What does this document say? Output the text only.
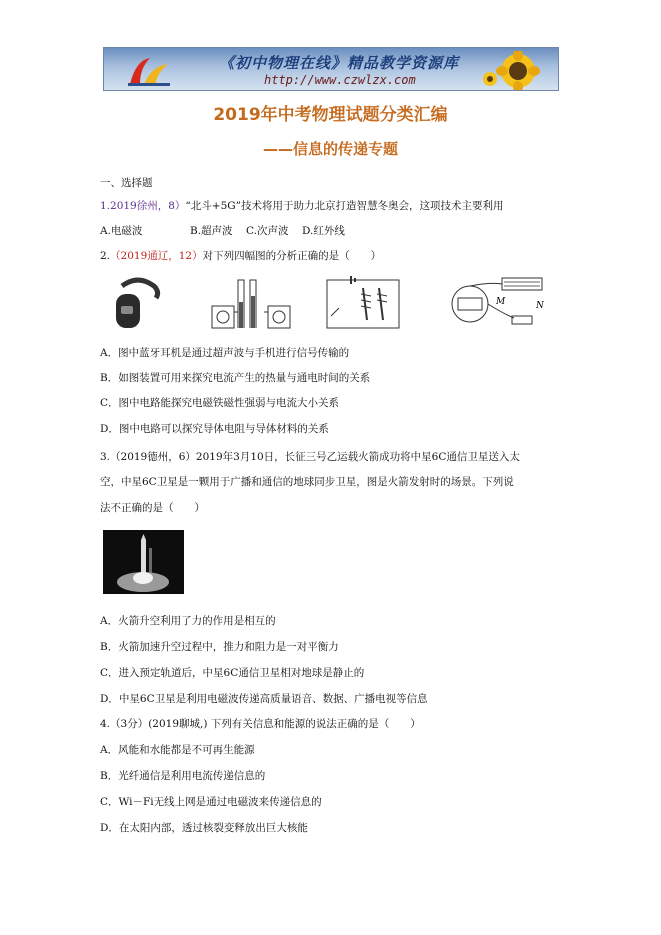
《初中物理在线》精品教学资源库
http://www.czwlzx.com
2019年中考物理试题分类汇编
——信息的传递专题
一、选择题
1.2019徐州，8）“北斗+5G”技术将用于助力北京打造智慧冬奥会，这项技术主要利用
A.电磁波	B.超声波 C.次声波 D.红外线
2.（2019通辽，12）对下列四幅图的分析正确的是（　　）
M	N
A．图中蓝牙耳机是通过超声波与手机进行信号传输的
B．如图装置可用来探究电流产生的热量与通电时间的关系
C．图中电路能探究电磁铁磁性强弱与电流大小关系
D．图中电路可以探究导体电阻与导体材料的关系
3.（2019德州，6）2019年3月10日，长征三号乙运载火箭成功将中星6C通信卫星送入太
空，中星6C卫星是一颗用于广播和通信的地球同步卫星，图是火箭发射时的场景。下列说
法不正确的是（　　）
A．火箭升空利用了力的作用是相互的
B．火箭加速升空过程中，推力和阻力是一对平衡力
C．进入预定轨道后，中星6C通信卫星相对地球是静止的
D．中星6C卫星是利用电磁波传递高质量语音、数据、广播电视等信息
4.（3分）(2019聊城,) 下列有关信息和能源的说法正确的是（　　）
A．风能和水能都是不可再生能源
B．光纤通信是利用电流传递信息的
C．Wi－Fi无线上网是通过电磁波来传递信息的
D．在太阳内部，透过核裂变释放出巨大核能
